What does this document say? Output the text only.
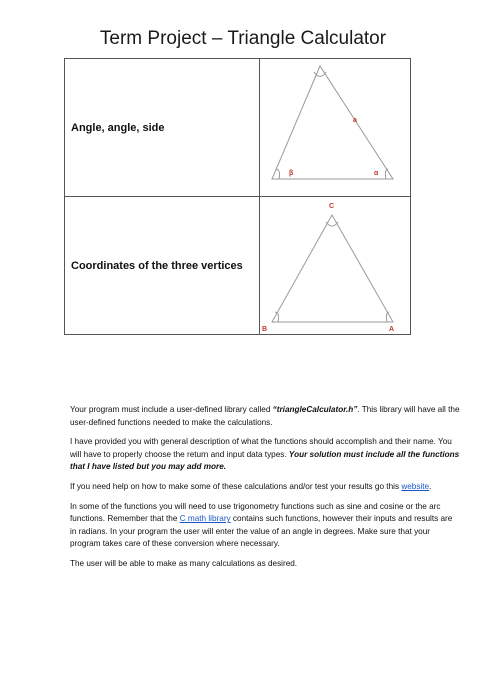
Term Project – Triangle Calculator
Angle, angle, side	a
β α

Coordinates of the three vertices	C
B A

Your program must include a user-defined library called “triangleCalculator.h”. This library will have all the user-defined functions needed to make the calculations.

I have provided you with general description of what the functions should accomplish and their name. You will have to properly choose the return and input data types. Your solution must include all the functions that I have listed but you may add more.

If you need help on how to make some of these calculations and/or test your results go this website.

In some of the functions you will need to use trigonometry functions such as sine and cosine or the arc functions. Remember that the C math library contains such functions, however their inputs and results are in radians. In your program the user will enter the value of an angle in degrees. Make sure that your program takes care of these conversion where necessary.

The user will be able to make as many calculations as desired.
